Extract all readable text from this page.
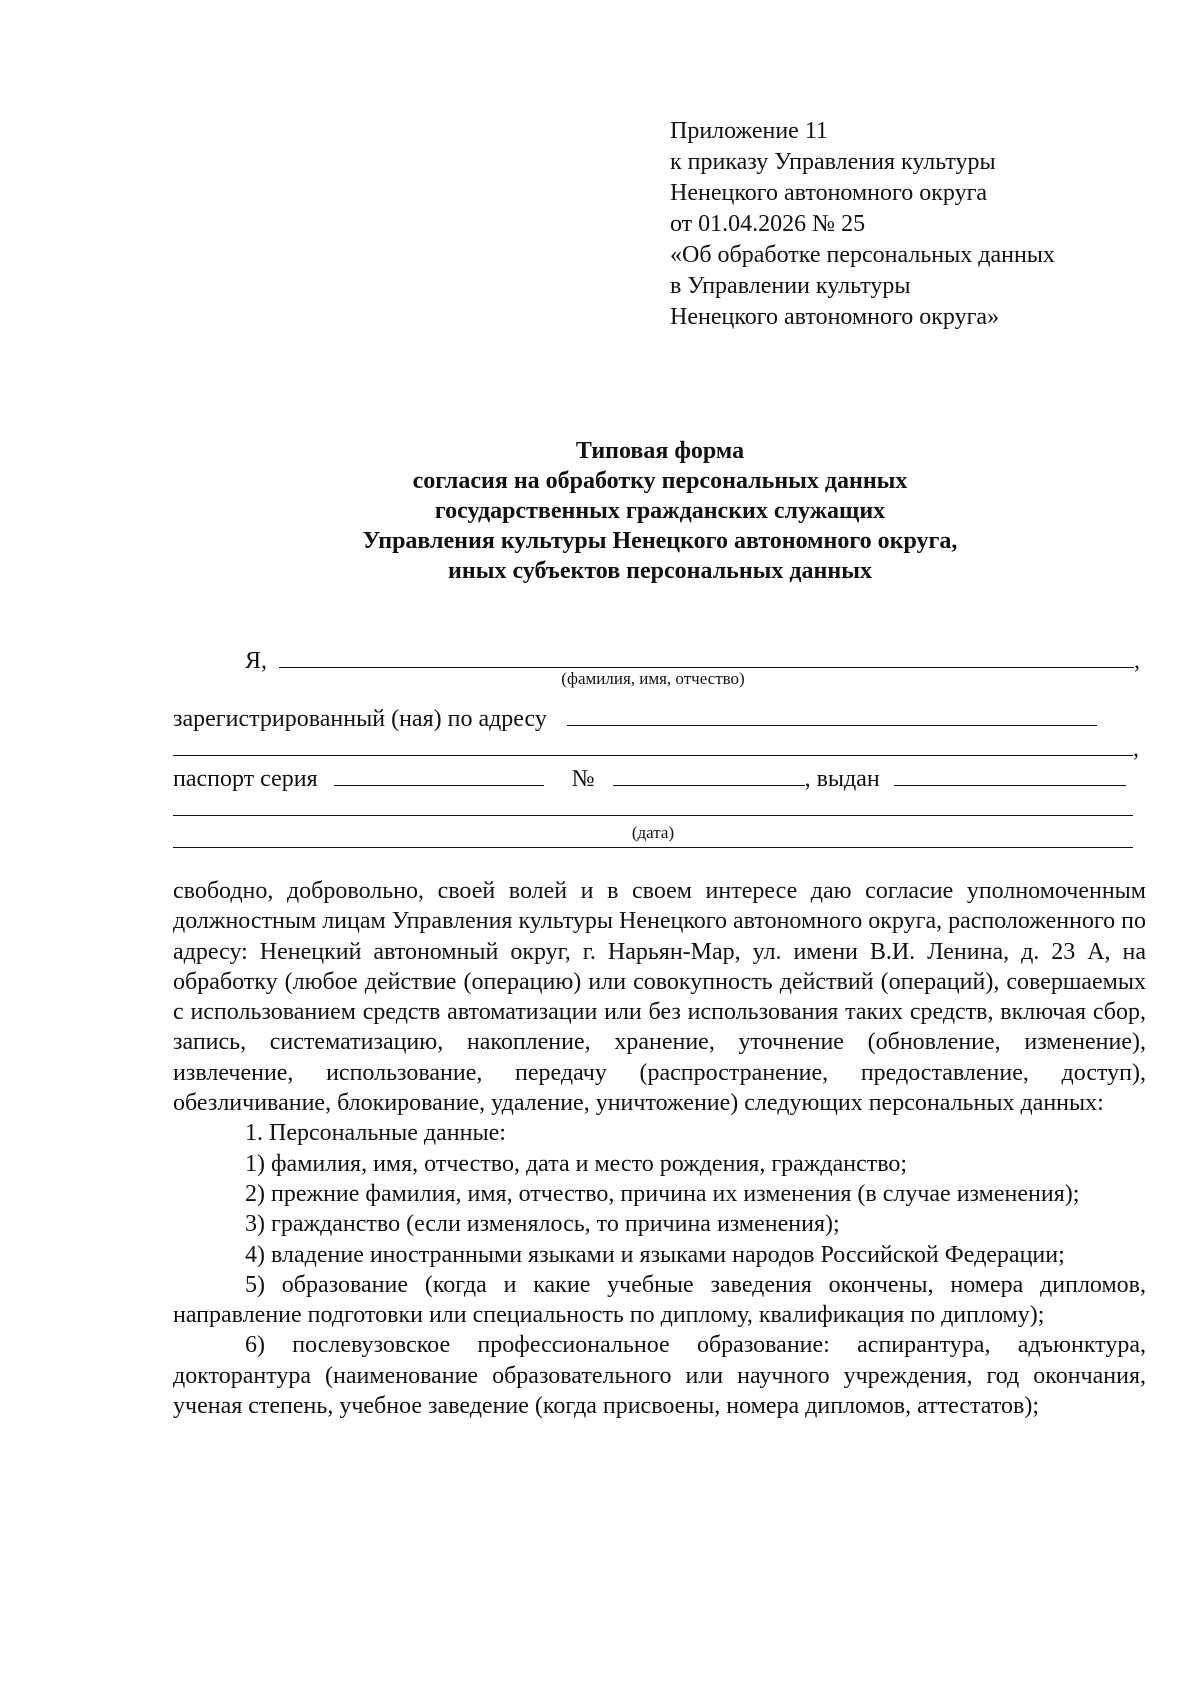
Приложение 11
к приказу Управления культуры
Ненецкого автономного округа
от 01.04.2026 № 25
«Об обработке персональных данных
в Управлении культуры
Ненецкого автономного округа»
Типовая форма
согласия на обработку персональных данных
государственных гражданских служащих
Управления культуры Ненецкого автономного округа,
иных субъектов персональных данных
Я,	,
(фамилия, имя, отчество)
зарегистрированный (ная) по адресу
,
паспорт серия	№	, выдан
(дата)

свободно, добровольно, своей волей и в своем интересе даю согласие уполномоченным должностным лицам Управления культуры Ненецкого автономного округа, расположенного по адресу: Ненецкий автономный округ, г. Нарьян-Мар, ул. имени В.И. Ленина, д. 23 А, на обработку (любое действие (операцию) или совокупность действий (операций), совершаемых с использованием средств автоматизации или без использования таких средств, включая сбор, запись, систематизацию, накопление, хранение, уточнение (обновление, изменение), извлечение, использование, передачу (распространение, предоставление, доступ), обезличивание, блокирование, удаление, уничтожение) следующих персональных данных:

1. Персональные данные:

1) фамилия, имя, отчество, дата и место рождения, гражданство;

2) прежние фамилия, имя, отчество, причина их изменения (в случае изменения);

3) гражданство (если изменялось, то причина изменения);

4) владение иностранными языками и языками народов Российской Федерации;

5) образование (когда и какие учебные заведения окончены, номера дипломов, направление подготовки или специальность по диплому, квалификация по диплому);

6) послевузовское профессиональное образование: аспирантура, адъюнктура, докторантура (наименование образовательного или научного учреждения, год окончания, ученая степень, учебное заведение (когда присвоены, номера дипломов, аттестатов);
